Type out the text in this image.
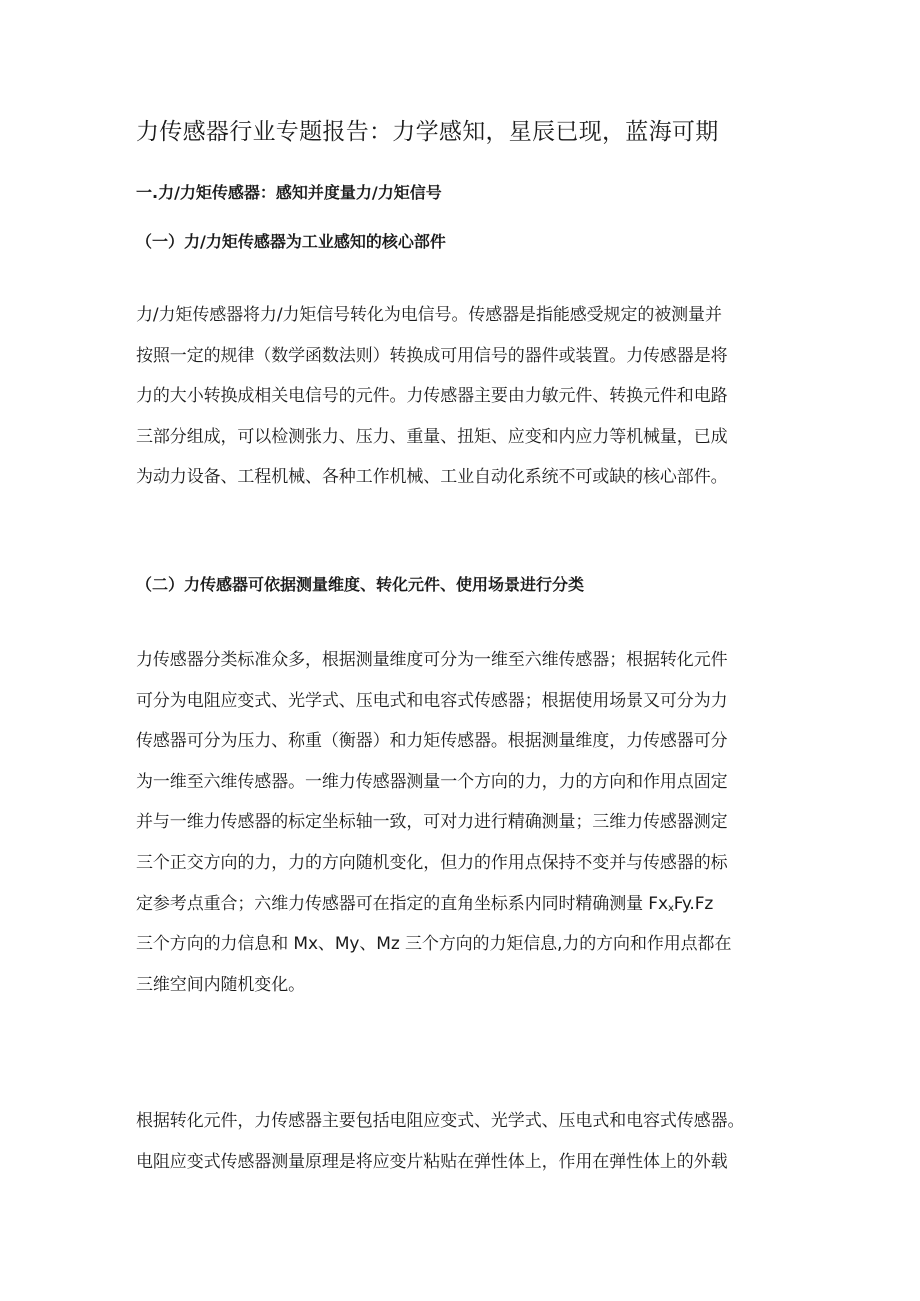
力传感器行业专题报告：力学感知，星辰已现，蓝海可期
一.力/力矩传感器：感知并度量力/力矩信号
（一）力/力矩传感器为工业感知的核心部件
力/力矩传感器将力/力矩信号转化为电信号。传感器是指能感受规定的被测量并
按照一定的规律（数学函数法则）转换成可用信号的器件或装置。力传感器是将
力的大小转换成相关电信号的元件。力传感器主要由力敏元件、转换元件和电路
三部分组成，可以检测张力、压力、重量、扭矩、应变和内应力等机械量，已成
为动力设备、工程机械、各种工作机械、工业自动化系统不可或缺的核心部件。
（二）力传感器可依据测量维度、转化元件、使用场景进行分类
力传感器分类标准众多，根据测量维度可分为一维至六维传感器；根据转化元件
可分为电阻应变式、光学式、压电式和电容式传感器；根据使用场景又可分为力
传感器可分为压力、称重（衡器）和力矩传感器。根据测量维度，力传感器可分
为一维至六维传感器。一维力传感器测量一个方向的力，力的方向和作用点固定
并与一维力传感器的标定坐标轴一致，可对力进行精确测量；三维力传感器测定
三个正交方向的力，力的方向随机变化，但力的作用点保持不变并与传感器的标
定参考点重合；六维力传感器可在指定的直角坐标系内同时精确测量 $Fx_xFy.Fz$
三个方向的力信息和 Mx、My、Mz 三个方向的力矩信息,力的方向和作用点都在
三维空间内随机变化。
根据转化元件，力传感器主要包括电阻应变式、光学式、压电式和电容式传感器。
电阻应变式传感器测量原理是将应变片粘贴在弹性体上，作用在弹性体上的外载
